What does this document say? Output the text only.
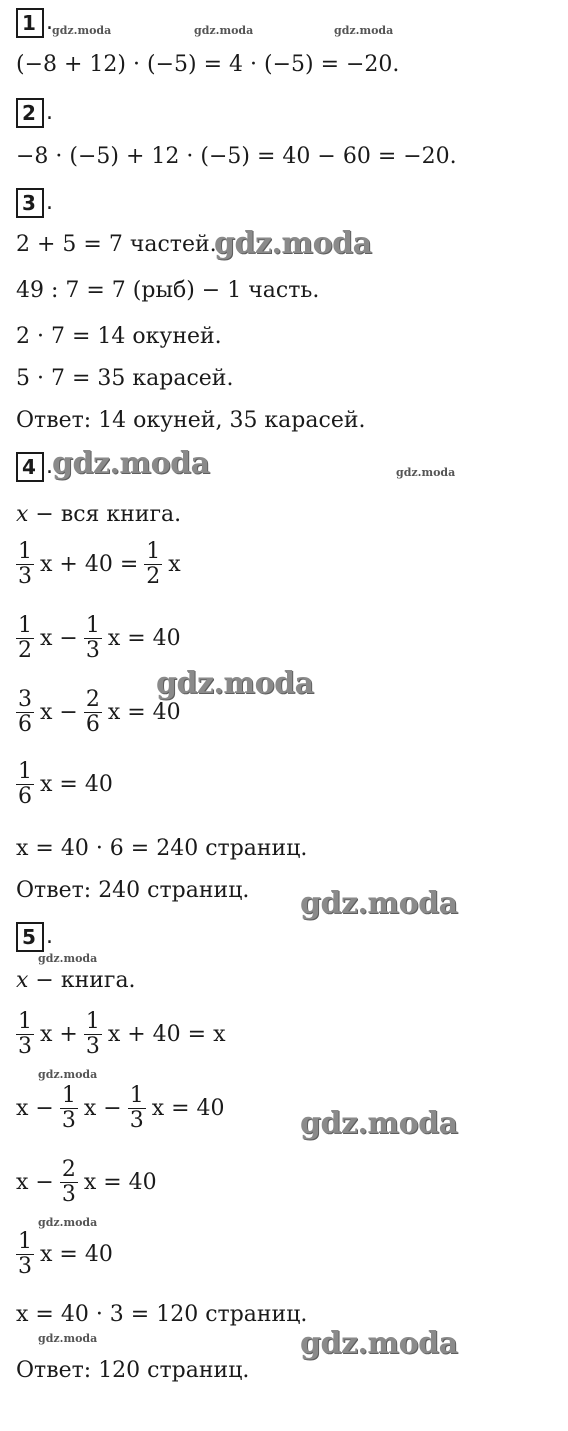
1 .
(−8 + 12) · (−5) = 4 · (−5) = −20.
2 .
−8 · (−5) + 12 · (−5) = 40 − 60 = −20.
3 .
2 + 5 = 7 частей.
49 : 7 = 7 (рыб) − 1 часть.
2 · 7 = 14 окуней.
5 · 7 = 35 карасей.
Ответ: 14 окуней, 35 карасей.
4 .
x − вся книга.
$\frac{1}{3}$ $x + 40 = \frac{1}{2}$ x
$\frac{1}{2}$ $x - \frac{1}{3}$ x = 40
$\frac{3}{6}$ $x - \frac{2}{6}$ x = 40
$\frac{1}{6}$ x = 40
x = 40 · 6 = 240 страниц.
Ответ: 240 страниц.
5 .
x − книга.
$\frac{1}{3}$ $x + \frac{1}{3}$ x + 40 = x
$x - \frac{1}{3}$ $x - \frac{1}{3}$ x = 40
$x - \frac{2}{3}$ x = 40
$\frac{1}{3}$ x = 40
x = 40 · 3 = 120 страниц.
Ответ: 120 страниц.
gdz.moda	gdz.moda	gdz.moda
gdz.moda
gdz.moda	gdz.moda
gdz.moda
gdz.moda
gdz.moda
gdz.moda
gdz.moda
gdz.moda
gdz.moda	gdz.moda
